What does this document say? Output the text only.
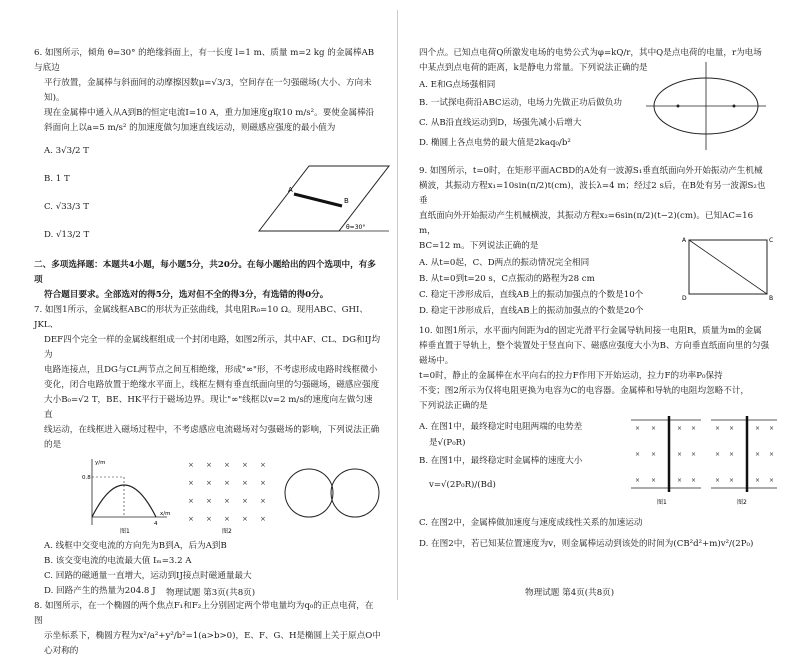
6. 如图所示，倾角 θ=30° 的绝缘斜面上，有一长度 l=1 m、质量 m=2 kg 的金属棒AB与底边

平行放置，金属棒与斜面间的动摩擦因数μ=√3/3，空间存在一匀强磁场(大小、方向未知)。

现在金属棒中通入从A到B的恒定电流I=10 A，重力加速度g取10 m/s²。要使金属棒沿

斜面向上以a=5 m/s² 的加速度做匀加速直线运动，则磁感应强度的最小值为

A. 3√3/2 T

B. 1 T

C. √33/3 T

D. √13/2 T

A
B
θ=30°

二、多项选择题：本题共4小题，每小题5分，共20分。在每小题给出的四个选项中，有多项

符合题目要求。全部选对的得5分，选对但不全的得3分，有选错的得0分。

7. 如图1所示，金属线框ABC的形状为正弦曲线，其电阻R₀=10 Ω。现用ABC、GHI、JKL、

DEF四个完全一样的金属线框组成一个封闭电路，如图2所示，其中AF、CL、DG和IJ均为

电路连接点，且DG与CL两节点之间互相绝缘，形成"∞"形，不考虑形成电路时线框微小

变化，闭合电路放置于绝缘水平面上，线框左侧有垂直纸面向里的匀强磁场，磁感应强度

大小B₀=√2 T，BE、HK平行于磁场边界。现让"∞"线框以v=2 m/s的速度向左做匀速直

线运动，在线框进入磁场过程中，不考虑感应电流磁场对匀强磁场的影响，下列说法正确

的是

y/m
0.8
4
x/m
图1
× × × × ×
× × × × ×
× × × × ×
× × × × ×
图2

A. 线框中交变电流的方向先为B到A，后为A到B

B. 该交变电流的电流最大值 Iₘ=3.2 A

C. 回路的磁通量一直增大，运动到IJ接点时磁通量最大

D. 回路产生的热量为204.8 J

8. 如图所示，在一个椭圆的两个焦点F₁和F₂上分别固定两个带电量均为q₀的正点电荷，在图

示坐标系下，椭圆方程为x²/a²+y²/b²=1(a>b>0)，E、F、G、H是椭圆上关于原点O中心对称的

物理试题 第3页(共8页)

四个点。已知点电荷Q所激发电场的电势公式为φ=kQ/r，其中Q是点电荷的电量，r为电场

中某点到点电荷的距离，k是静电力常量。下列说法正确的是

A. E和G点场强相同

B. 一试探电荷沿ABC运动，电场力先做正功后做负功

C. 从B沿直线运动到D，场强先减小后增大

D. 椭圆上各点电势的最大值是2kaq₀/b²

9. 如图所示，t=0时，在矩形平面ACBD的A处有一波源S₁垂直纸面向外开始振动产生机械

横波，其振动方程x₁=10sin(π/2)t(cm)，波长λ=4 m；经过2 s后，在B处有另一波源S₂也垂

直纸面向外开始振动产生机械横波，其振动方程x₂=6sin(π/2)(t−2)(cm)。已知AC=16 m，

BC=12 m。下列说法正确的是

A. 从t=0起，C、D两点的振动情况完全相同

B. 从t=0到t=20 s，C点振动的路程为28 cm

C. 稳定干涉形成后，直线AB上的振动加强点的个数是10个

D. 稳定干涉形成后，直线AB上的振动加强点的个数是20个

A
B
C
D

10. 如图1所示，水平面内间距为d的固定光滑平行金属导轨间接一电阻R，质量为m的金属

棒垂直置于导轨上，整个装置处于竖直向下、磁感应强度大小为B、方向垂直纸面向里的匀强磁场中。

t=0时，静止的金属棒在水平向右的拉力F作用下开始运动，拉力F的功率P₀保持

不变；图2所示为仅将电阻更换为电容为C的电容器。金属棒和导轨的电阻均忽略不计，

下列说法正确的是

A. 在图1中，最终稳定时电阻两端的电势差

是√(P₀R)

B. 在图1中，最终稳定时金属棒的速度大小

v=√(2P₀R)/(Bd)

× ×	× ×
× ×	× ×
× ×	× ×
× ×	× ×
× ×	× ×
× ×	× ×
图1	图2

C. 在图2中，金属棒做加速度与速度成线性关系的加速运动

D. 在图2中，若已知某位置速度为v，则金属棒运动到该处的时间为(CB²d²+m)v²/(2P₀)

物理试题 第4页(共8页)
